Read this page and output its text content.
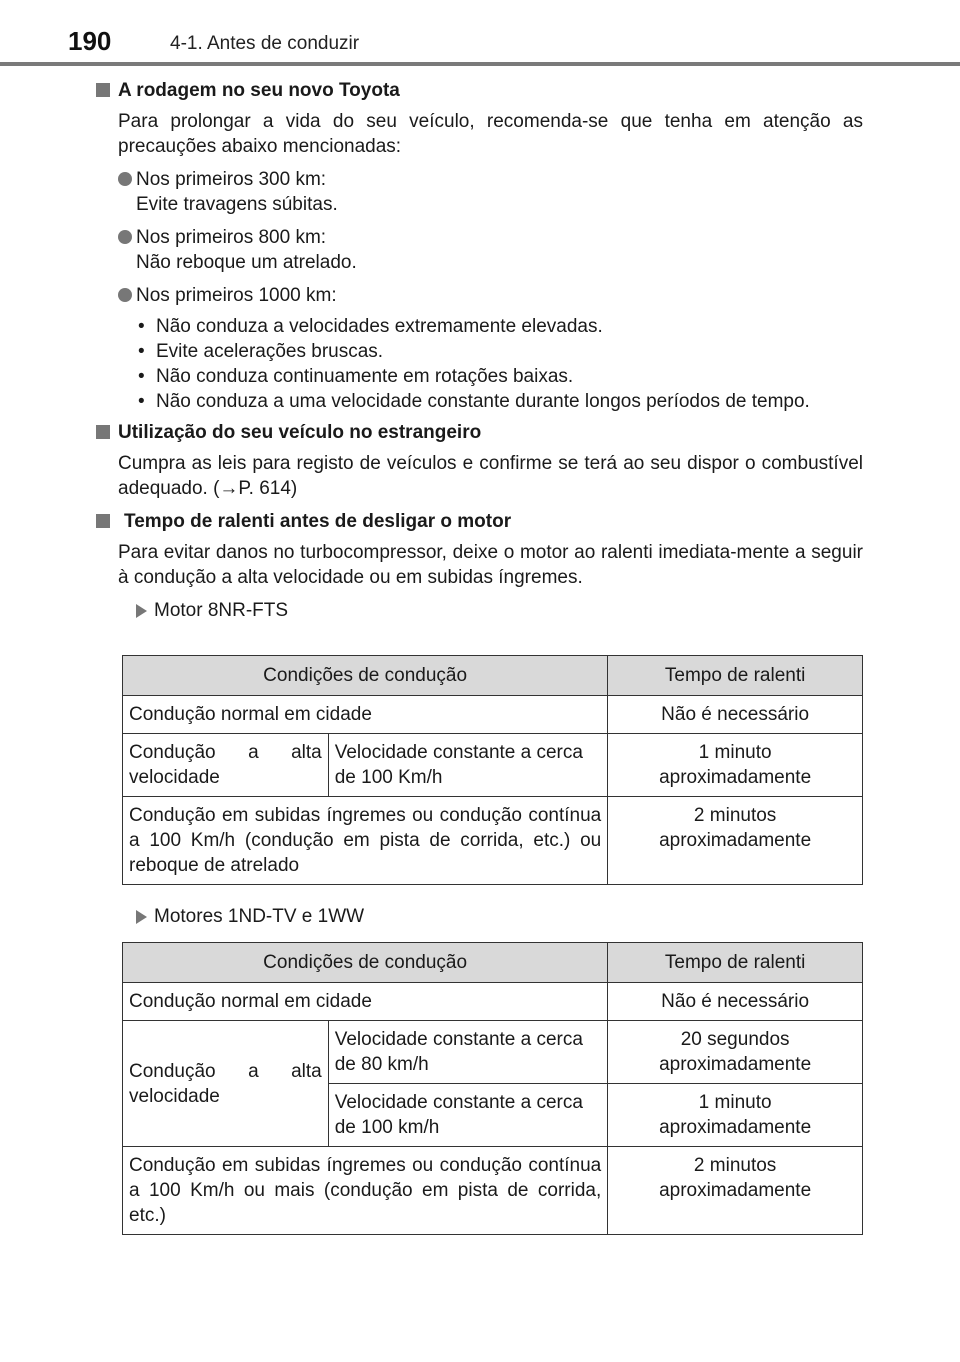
190	4-1. Antes de conduzir

A rodagem no seu novo Toyota

Para prolongar a vida do seu veículo, recomenda-se que tenha em atenção as precauções abaixo mencionadas:

Nos primeiros 300 km:
Evite travagens súbitas.
Nos primeiros 800 km:
Não reboque um atrelado.
Nos primeiros 1000 km:
• Não conduza a velocidades extremamente elevadas.
• Evite acelerações bruscas.
• Não conduza continuamente em rotações baixas.
• Não conduza a uma velocidade constante durante longos períodos de tempo.

Utilização do seu veículo no estrangeiro

Cumpra as leis para registo de veículos e confirme se terá ao seu dispor o combustível adequado. (→P. 614)

Tempo de ralenti antes de desligar o motor

Para evitar danos no turbocompressor, deixe o motor ao ralenti imediata-mente a seguir à condução a alta velocidade ou em subidas íngremes.

Motor 8NR-FTS
Condições de condução		Tempo de ralenti
Condução normal em cidade		Não é necessário
Condução a alta velocidade	Velocidade constante a cerca de 100 Km/h	1 minuto
aproximadamente

Condução em subidas íngremes ou condução contínua a 100 Km/h (condução em pista de corrida, etc.) ou reboque de atrelado		2 minutos
aproximadamente
Motores 1ND-TV e 1WW
Condições de condução		Tempo de ralenti
Condução normal em cidade		Não é necessário
Condução a alta velocidade	Velocidade constante a cerca de 80 km/h	20 segundos
aproximadamente

	Velocidade constante a cerca de 100 km/h	1 minuto
aproximadamente

Condução em subidas íngremes ou condução contínua a 100 Km/h ou mais (condução em pista de corrida, etc.)		2 minutos
aproximadamente
